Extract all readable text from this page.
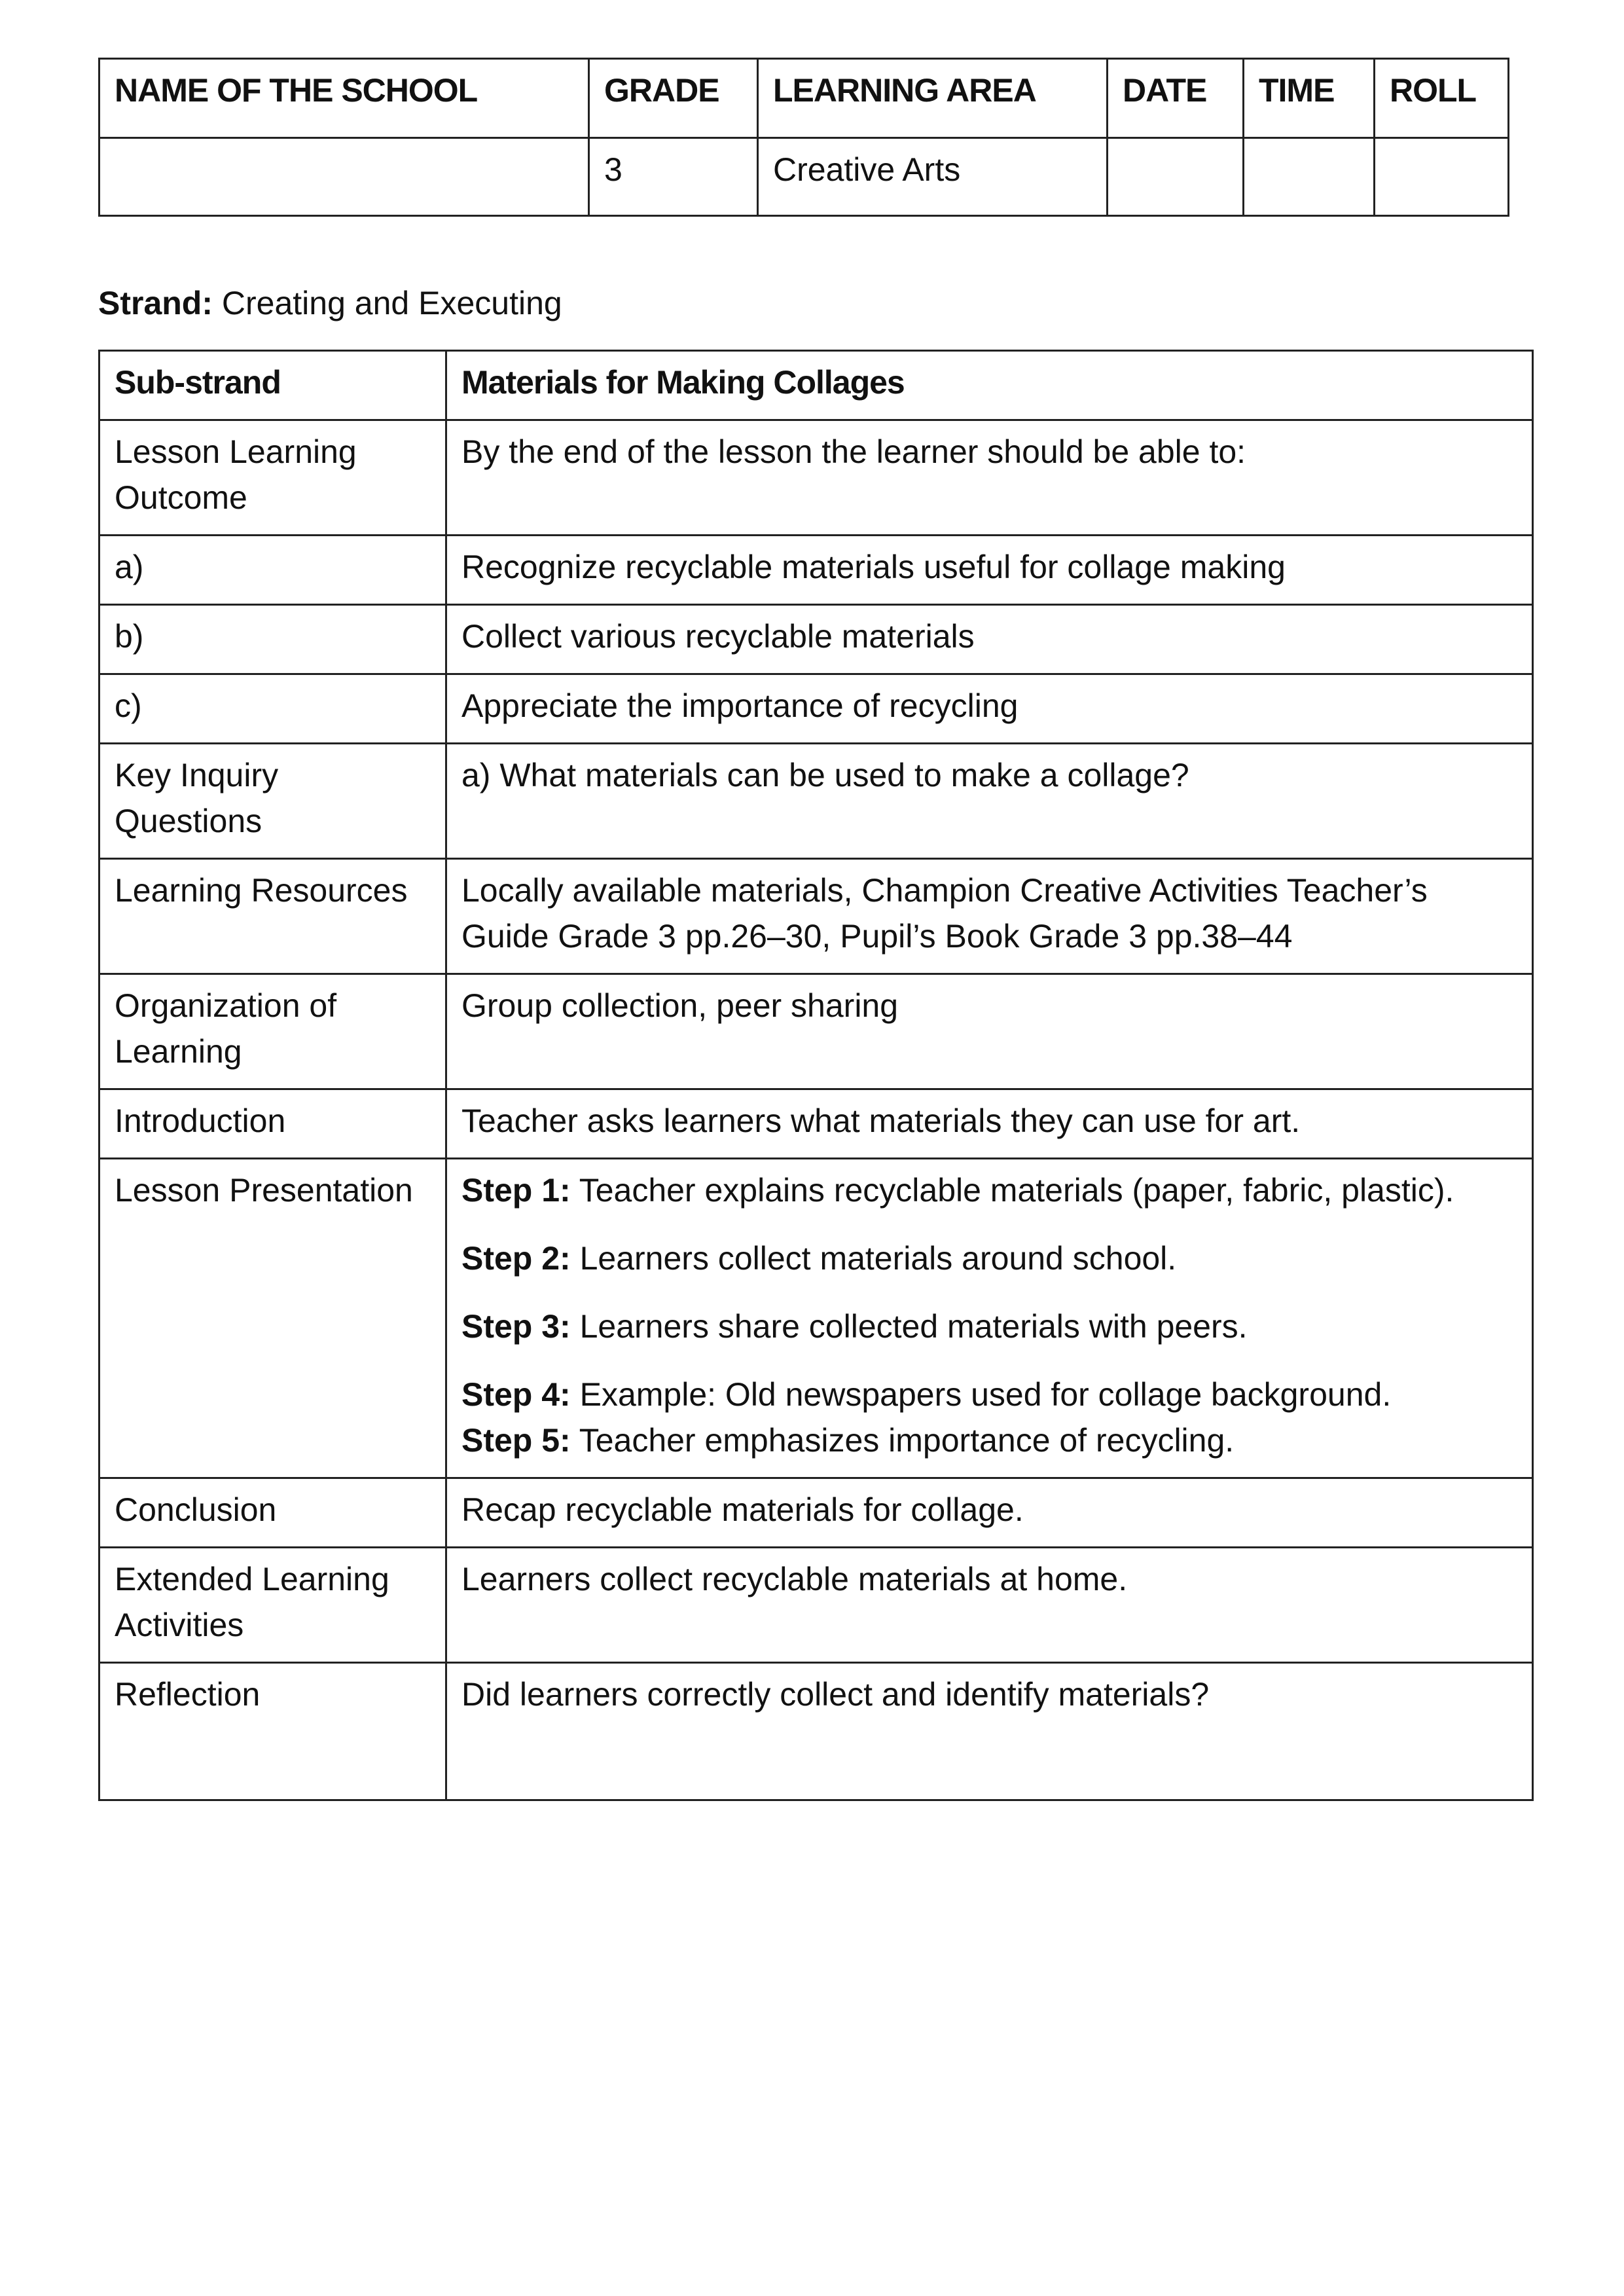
NAME OF THE SCHOOL	GRADE	LEARNING AREA	DATE	TIME	ROLL
	3	Creative Arts			
Strand: Creating and Executing
Sub-strand	Materials for Making Collages
Lesson Learning Outcome	By the end of the lesson the learner should be able to:
a)	Recognize recyclable materials useful for collage making
b)	Collect various recyclable materials
c)	Appreciate the importance of recycling
Key Inquiry Questions	a) What materials can be used to make a collage?
Learning Resources	Locally available materials, Champion Creative Activities Teacher’s Guide Grade 3 pp.26–30, Pupil’s Book Grade 3 pp.38–44
Organization of Learning	Group collection, peer sharing
Introduction	Teacher asks learners what materials they can use for art.
Lesson Presentation	Step 1: Teacher explains recyclable materials (paper, fabric, plastic).
Step 2: Learners collect materials around school.
Step 3: Learners share collected materials with peers.
Step 4: Example: Old newspapers used for collage background.
Step 5: Teacher emphasizes importance of recycling.

Conclusion	Recap recyclable materials for collage.
Extended Learning Activities	Learners collect recyclable materials at home.
Reflection	Did learners correctly collect and identify materials?
